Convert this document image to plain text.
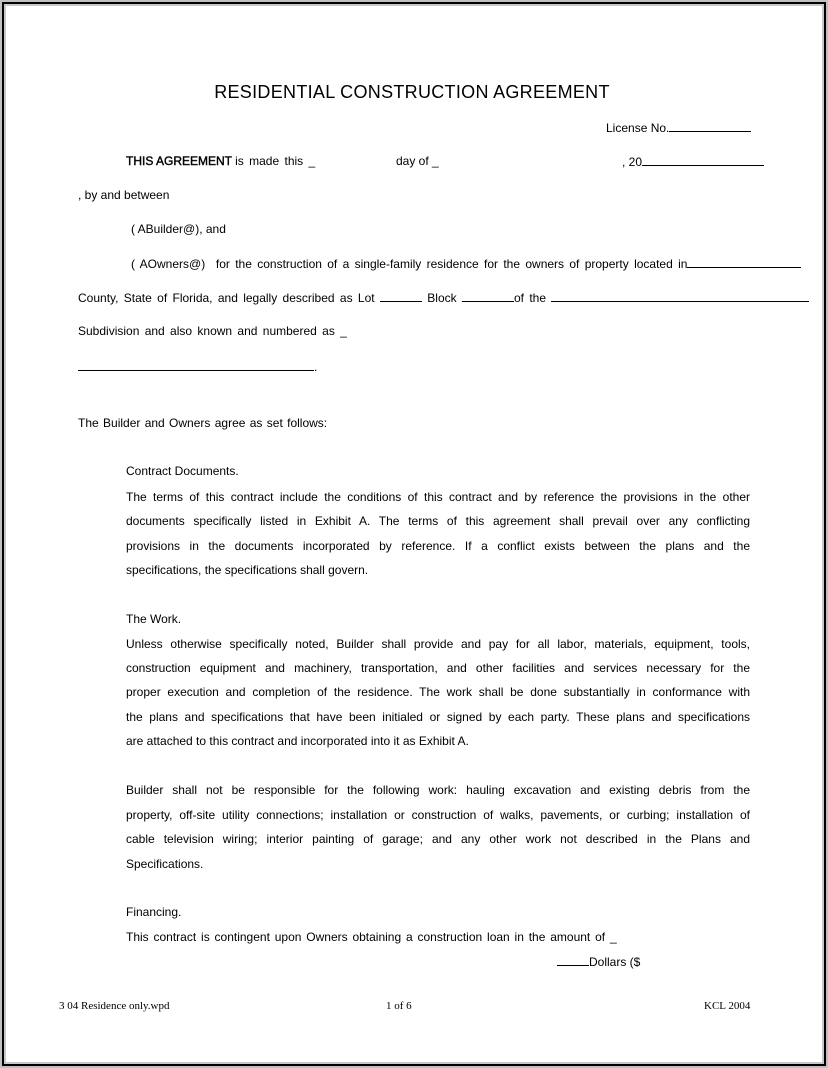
RESIDENTIAL CONSTRUCTION AGREEMENT
License No.
THIS AGREEMENT is made this _	day of _	, 20
, by and between
( ABuilder@), and
( AOwners@) for the construction of a single-family residence for the owners of property located in
County, State of Florida, and legally described as Lot	Block	of the
Subdivision and also known and numbered as _
.
The Builder and Owners agree as set follows:
Contract Documents.
The terms of this contract include the conditions of this contract and by reference the provisions in the other
documents specifically listed in Exhibit A. The terms of this agreement shall prevail over any conflicting
provisions in the documents incorporated by reference. If a conflict exists between the plans and the
specifications, the specifications shall govern.
The Work.
Unless otherwise specifically noted, Builder shall provide and pay for all labor, materials, equipment, tools,
construction equipment and machinery, transportation, and other facilities and services necessary for the
proper execution and completion of the residence. The work shall be done substantially in conformance with
the plans and specifications that have been initialed or signed by each party. These plans and specifications
are attached to this contract and incorporated into it as Exhibit A.
Builder shall not be responsible for the following work: hauling excavation and existing debris from the
property, off-site utility connections; installation or construction of walks, pavements, or curbing; installation of
cable television wiring; interior painting of garage; and any other work not described in the Plans and
Specifications.
Financing.
This contract is contingent upon Owners obtaining a construction loan in the amount of _
Dollars ($
3 04 Residence only.wpd	1 of 6	KCL 2004
